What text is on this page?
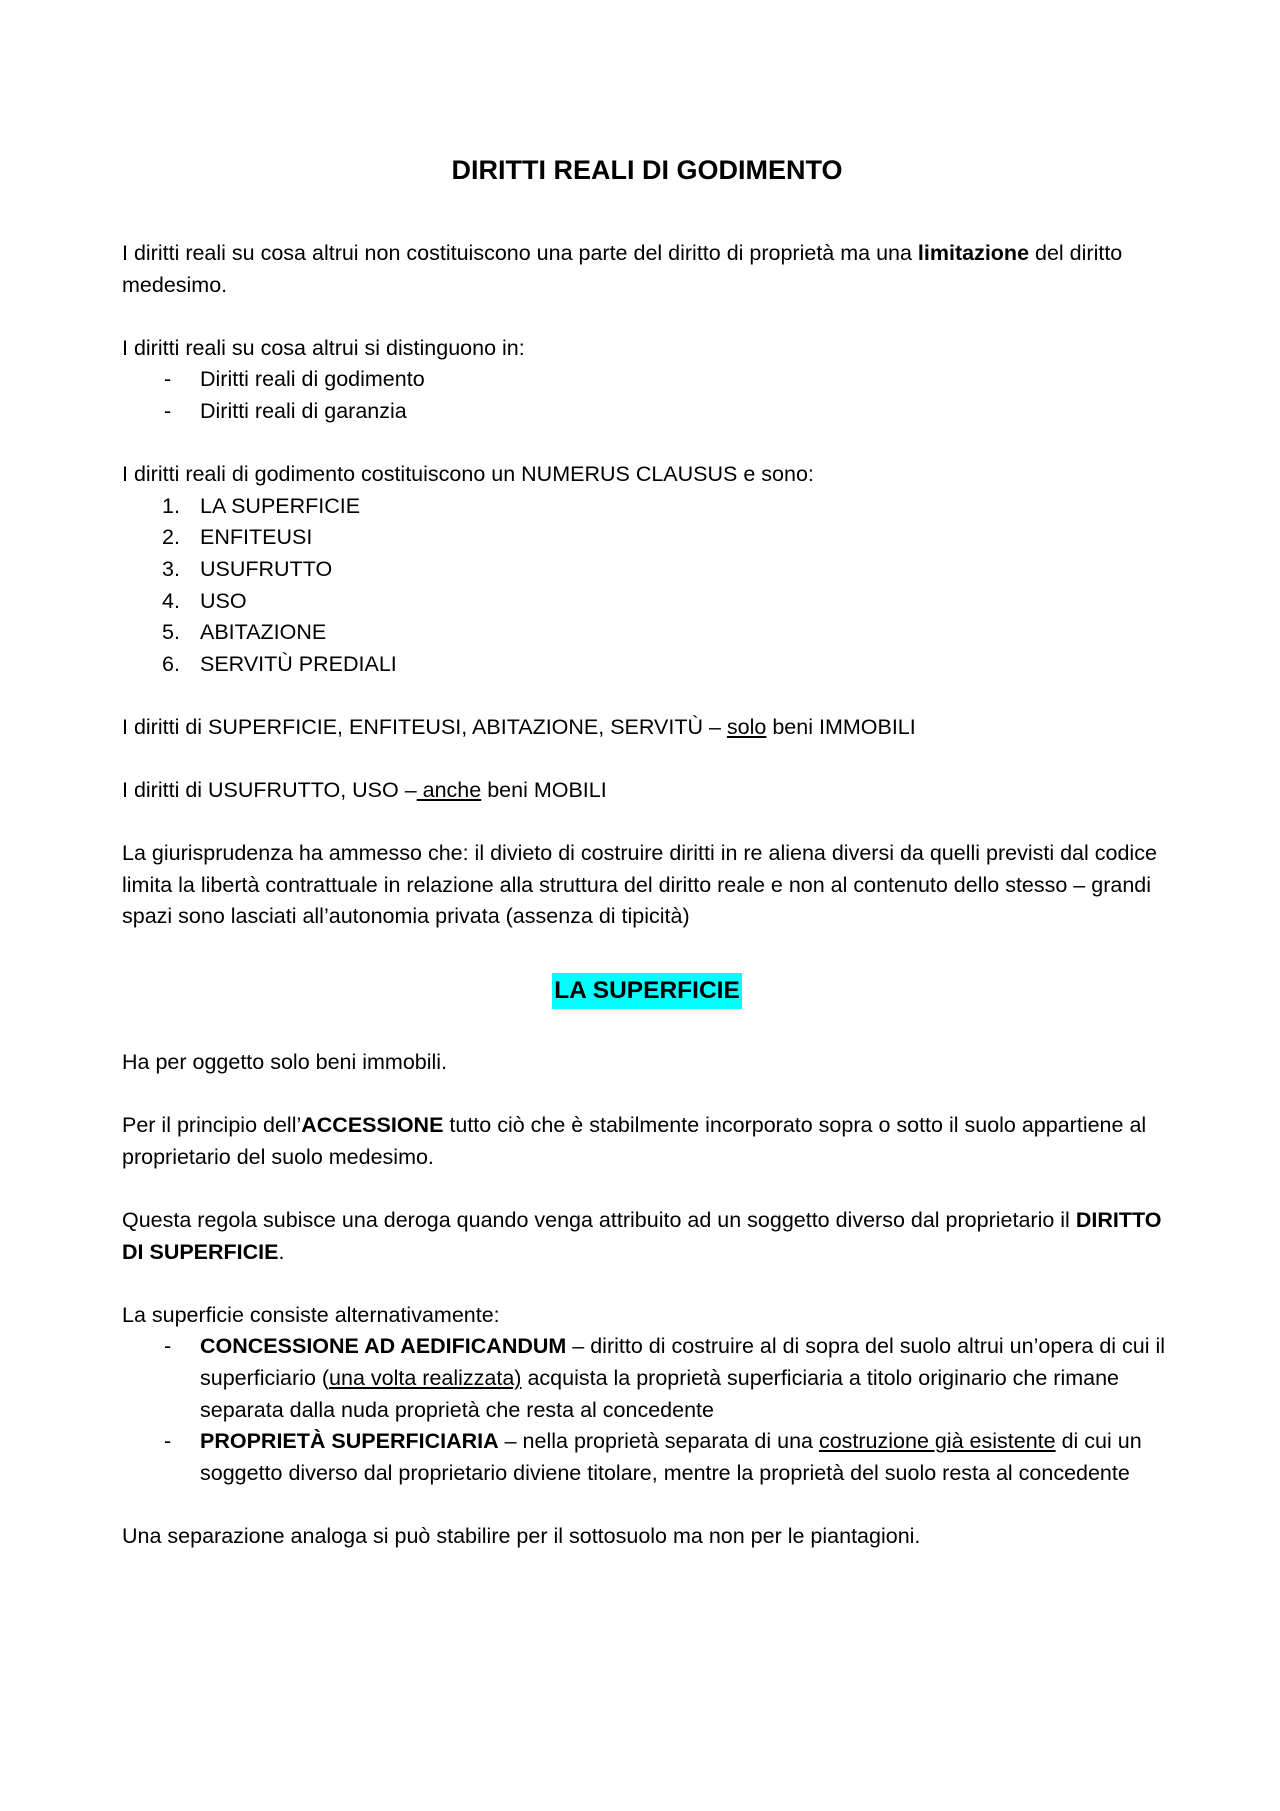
DIRITTI REALI DI GODIMENTO

I diritti reali su cosa altrui non costituiscono una parte del diritto di proprietà ma una limitazione del diritto medesimo.

I diritti reali su cosa altrui si distinguono in:

- Diritti reali di godimento
- Diritti reali di garanzia

I diritti reali di godimento costituiscono un NUMERUS CLAUSUS e sono:

1. LA SUPERFICIE
2. ENFITEUSI
3. USUFRUTTO
4. USO
5. ABITAZIONE
6. SERVITÙ PREDIALI

I diritti di SUPERFICIE, ENFITEUSI, ABITAZIONE, SERVITÙ – solo beni IMMOBILI

I diritti di USUFRUTTO, USO – anche beni MOBILI

La giurisprudenza ha ammesso che: il divieto di costruire diritti in re aliena diversi da quelli previsti dal codice limita la libertà contrattuale in relazione alla struttura del diritto reale e non al contenuto dello stesso – grandi spazi sono lasciati all’autonomia privata (assenza di tipicità)

LA SUPERFICIE

Ha per oggetto solo beni immobili.

Per il principio dell’ACCESSIONE tutto ciò che è stabilmente incorporato sopra o sotto il suolo appartiene al proprietario del suolo medesimo.

Questa regola subisce una deroga quando venga attribuito ad un soggetto diverso dal proprietario il DIRITTO DI SUPERFICIE.

La superficie consiste alternativamente:

- CONCESSIONE AD AEDIFICANDUM – diritto di costruire al di sopra del suolo altrui un’opera di cui il superficiario (una volta realizzata) acquista la proprietà superficiaria a titolo originario che rimane separata dalla nuda proprietà che resta al concedente
- PROPRIETÀ SUPERFICIARIA – nella proprietà separata di una costruzione già esistente di cui un soggetto diverso dal proprietario diviene titolare, mentre la proprietà del suolo resta al concedente

Una separazione analoga si può stabilire per il sottosuolo ma non per le piantagioni.
